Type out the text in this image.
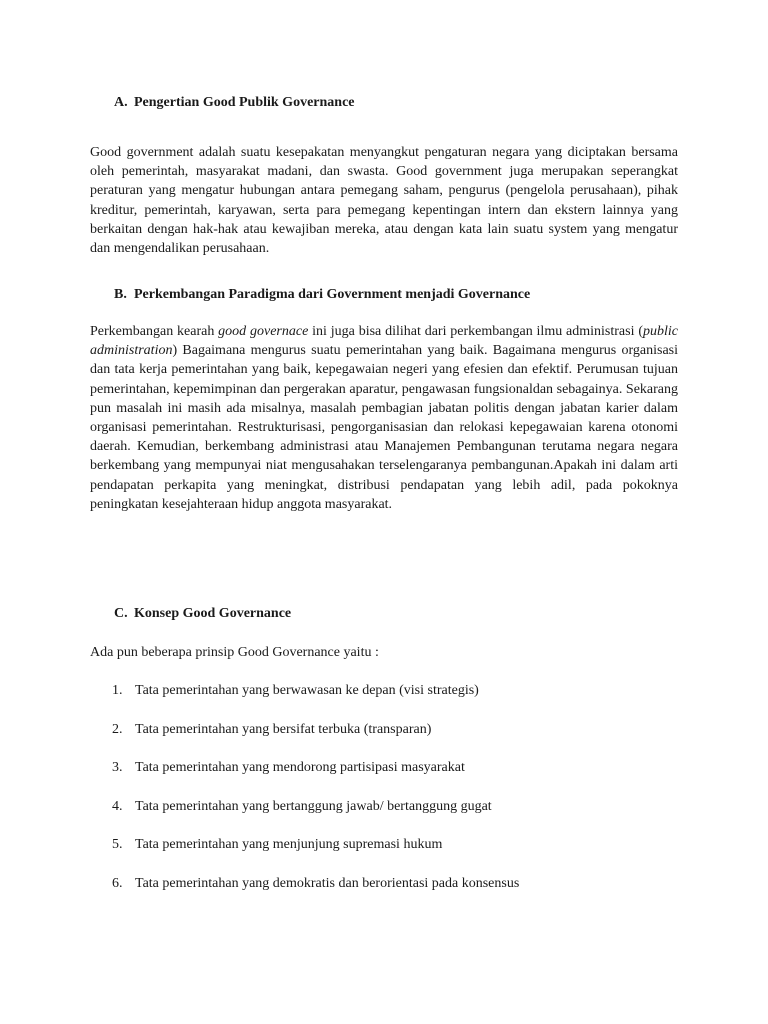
A. Pengertian Good Publik Governance

Good government adalah suatu kesepakatan menyangkut pengaturan negara yang diciptakan bersama oleh pemerintah, masyarakat madani, dan swasta. Good government juga merupakan seperangkat peraturan yang mengatur hubungan antara pemegang saham, pengurus (pengelola perusahaan), pihak kreditur, pemerintah, karyawan, serta para pemegang kepentingan intern dan ekstern lainnya yang berkaitan dengan hak-hak atau kewajiban mereka, atau dengan kata lain suatu system yang mengatur dan mengendalikan perusahaan.

B. Perkembangan Paradigma dari Government menjadi Governance

Perkembangan kearah good governace ini juga bisa dilihat dari perkembangan ilmu administrasi (public administration) Bagaimana mengurus suatu pemerintahan yang baik. Bagaimana mengurus organisasi dan tata kerja pemerintahan yang baik, kepegawaian negeri yang efesien dan efektif. Perumusan tujuan pemerintahan, kepemimpinan dan pergerakan aparatur, pengawasan fungsionaldan sebagainya. Sekarang pun masalah ini masih ada misalnya, masalah pembagian jabatan politis dengan jabatan karier dalam organisasi pemerintahan. Restrukturisasi, pengorganisasian dan relokasi kepegawaian karena otonomi daerah. Kemudian, berkembang administrasi atau Manajemen Pembangunan terutama negara negara berkembang yang mempunyai niat mengusahakan terselengaranya pembangunan.Apakah ini dalam arti pendapatan perkapita yang meningkat, distribusi pendapatan yang lebih adil, pada pokoknya peningkatan kesejahteraan hidup anggota masyarakat.

C. Konsep Good Governance
Ada pun beberapa prinsip Good Governance yaitu :
1. Tata pemerintahan yang berwawasan ke depan (visi strategis)
2. Tata pemerintahan yang bersifat terbuka (transparan)
3. Tata pemerintahan yang mendorong partisipasi masyarakat
4. Tata pemerintahan yang bertanggung jawab/ bertanggung gugat
5. Tata pemerintahan yang menjunjung supremasi hukum
6. Tata pemerintahan yang demokratis dan berorientasi pada konsensus
